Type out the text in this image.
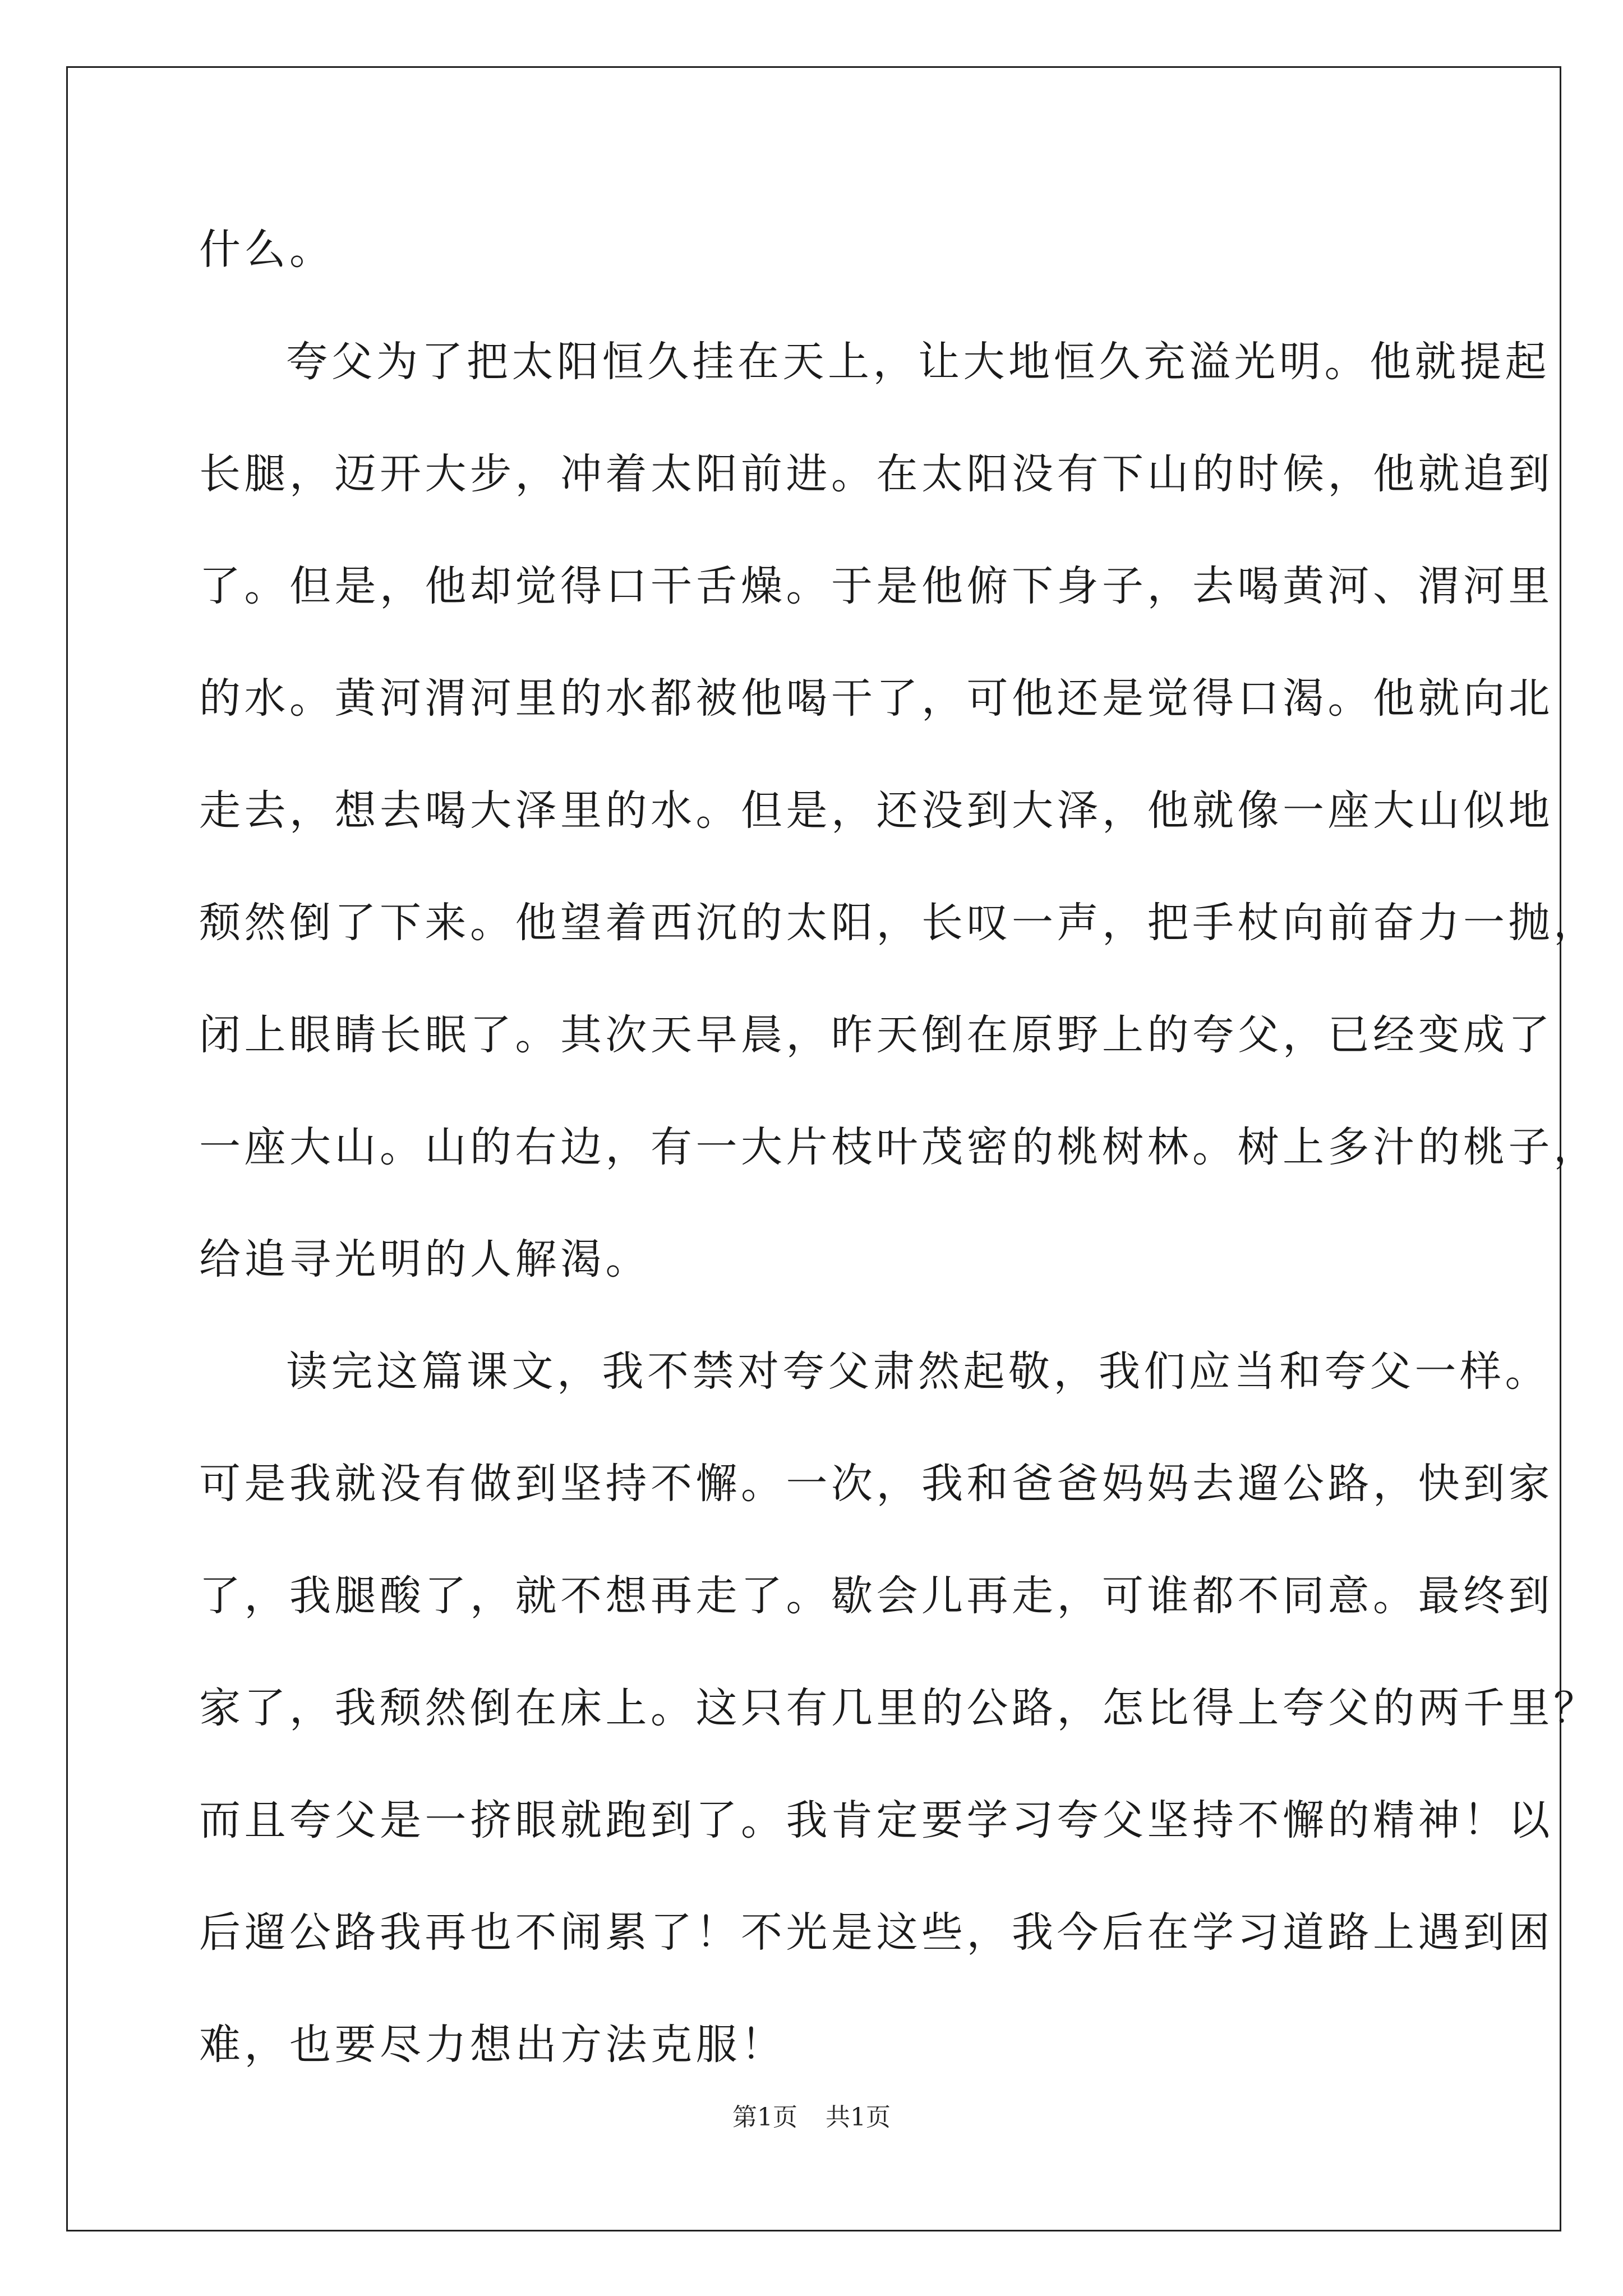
什么。
夸父为了把太阳恒久挂在天上，让大地恒久充溢光明。他就提起
长腿，迈开大步，冲着太阳前进。在太阳没有下山的时候，他就追到
了。但是，他却觉得口干舌燥。于是他俯下身子，去喝黄河、渭河里
的水。黄河渭河里的水都被他喝干了，可他还是觉得口渴。他就向北
走去，想去喝大泽里的水。但是，还没到大泽，他就像一座大山似地
颓然倒了下来。他望着西沉的太阳，长叹一声，把手杖向前奋力一抛，
闭上眼睛长眠了。其次天早晨，昨天倒在原野上的夸父，已经变成了
一座大山。山的右边，有一大片枝叶茂密的桃树林。树上多汁的桃子，
给追寻光明的人解渴。
读完这篇课文，我不禁对夸父肃然起敬，我们应当和夸父一样。
可是我就没有做到坚持不懈。一次，我和爸爸妈妈去遛公路，快到家
了，我腿酸了，就不想再走了。歇会儿再走，可谁都不同意。最终到
家了，我颓然倒在床上。这只有几里的公路，怎比得上夸父的两千里？
而且夸父是一挤眼就跑到了。我肯定要学习夸父坚持不懈的精神！以
后遛公路我再也不闹累了！不光是这些，我今后在学习道路上遇到困
难，也要尽力想出方法克服！
第1页 共1页
